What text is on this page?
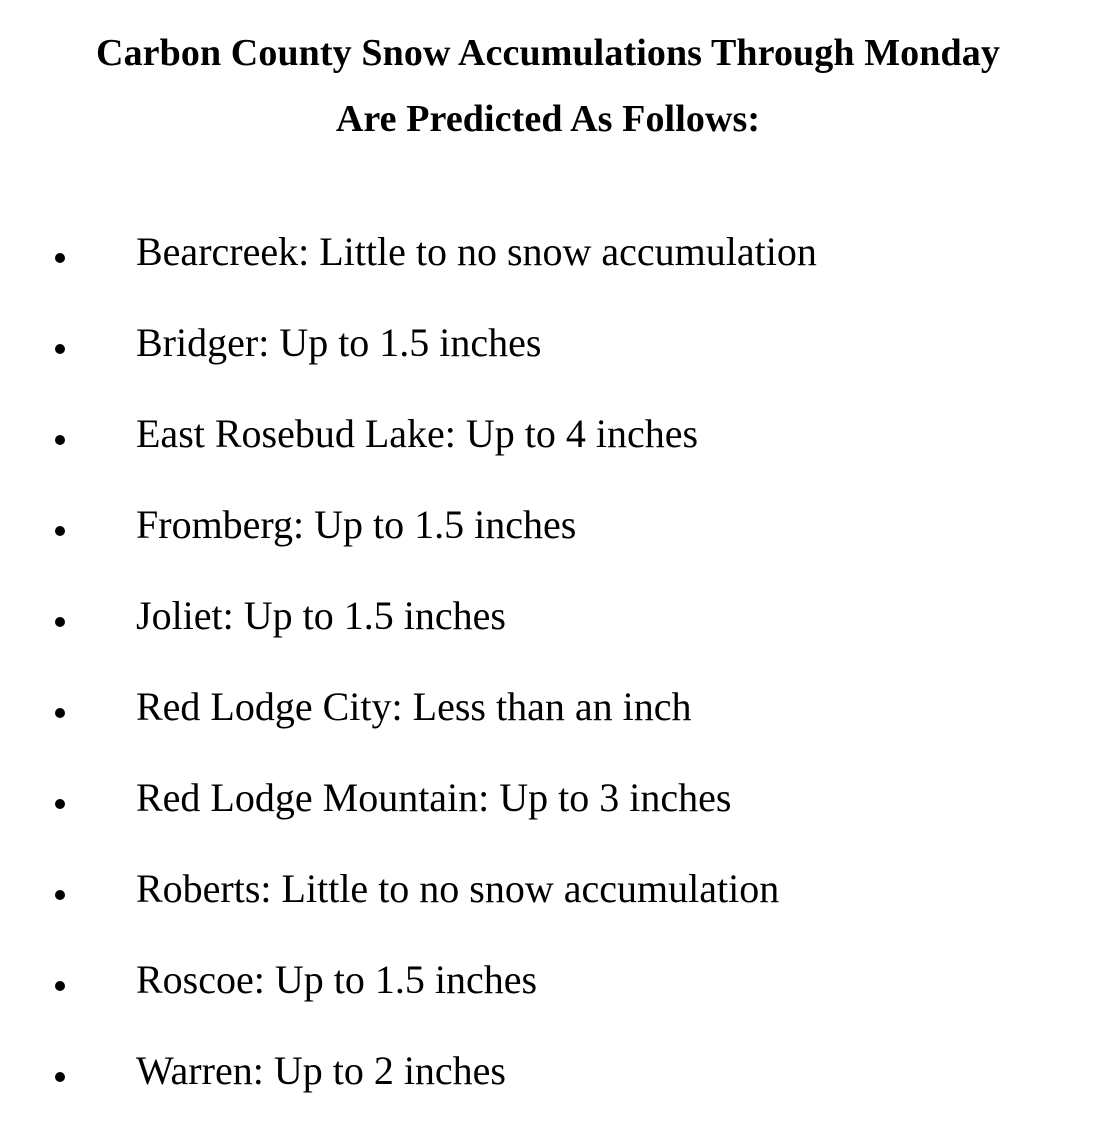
Carbon County Snow Accumulations Through Monday
Are Predicted As Follows:
Bearcreek: Little to no snow accumulation
Bridger: Up to 1.5 inches
East Rosebud Lake: Up to 4 inches
Fromberg: Up to 1.5 inches
Joliet: Up to 1.5 inches
Red Lodge City: Less than an inch
Red Lodge Mountain: Up to 3 inches
Roberts: Little to no snow accumulation
Roscoe: Up to 1.5 inches
Warren: Up to 2 inches
